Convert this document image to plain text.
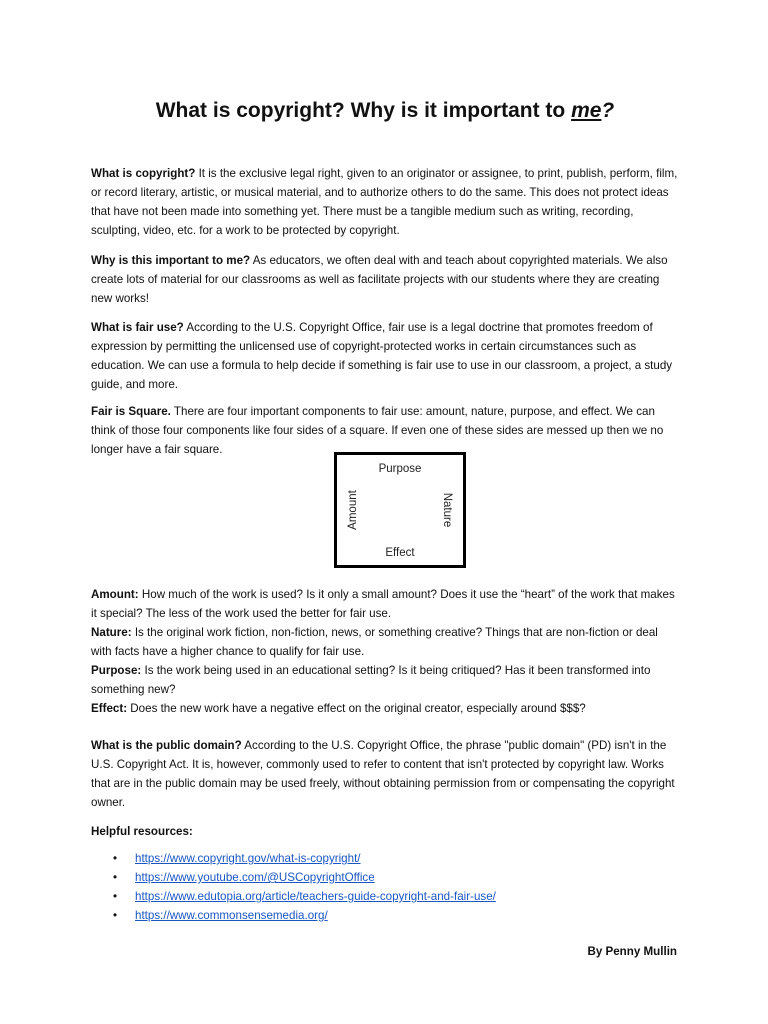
What is copyright? Why is it important to me?

What is copyright? It is the exclusive legal right, given to an originator or assignee, to print, publish, perform, film, or record literary, artistic, or musical material, and to authorize others to do the same. This does not protect ideas that have not been made into something yet. There must be a tangible medium such as writing, recording, sculpting, video, etc. for a work to be protected by copyright.

Why is this important to me? As educators, we often deal with and teach about copyrighted materials. We also create lots of material for our classrooms as well as facilitate projects with our students where they are creating new works!

What is fair use? According to the U.S. Copyright Office, fair use is a legal doctrine that promotes freedom of expression by permitting the unlicensed use of copyright-protected works in certain circumstances such as education. We can use a formula to help decide if something is fair use to use in our classroom, a project, a study guide, and more.

Fair is Square. There are four important components to fair use: amount, nature, purpose, and effect. We can think of those four components like four sides of a square. If even one of these sides are messed up then we no longer have a fair square.

Purpose
Nature
Effect
Amount
Amount: How much of the work is used? Is it only a small amount? Does it use the “heart” of the work that makes it special? The less of the work used the better for fair use.
Nature: Is the original work fiction, non-fiction, news, or something creative? Things that are non-fiction or deal with facts have a higher chance to qualify for fair use.
Purpose: Is the work being used in an educational setting? Is it being critiqued? Has it been transformed into something new?
Effect: Does the new work have a negative effect on the original creator, especially around $$$?

What is the public domain? According to the U.S. Copyright Office, the phrase "public domain" (PD) isn't in the U.S. Copyright Act. It is, however, commonly used to refer to content that isn't protected by copyright law. Works that are in the public domain may be used freely, without obtaining permission from or compensating the copyright owner.

Helpful resources:
• https://www.copyright.gov/what-is-copyright/
• https://www.youtube.com/@USCopyrightOffice
• https://www.edutopia.org/article/teachers-guide-copyright-and-fair-use/
• https://www.commonsensemedia.org/
By Penny Mullin
